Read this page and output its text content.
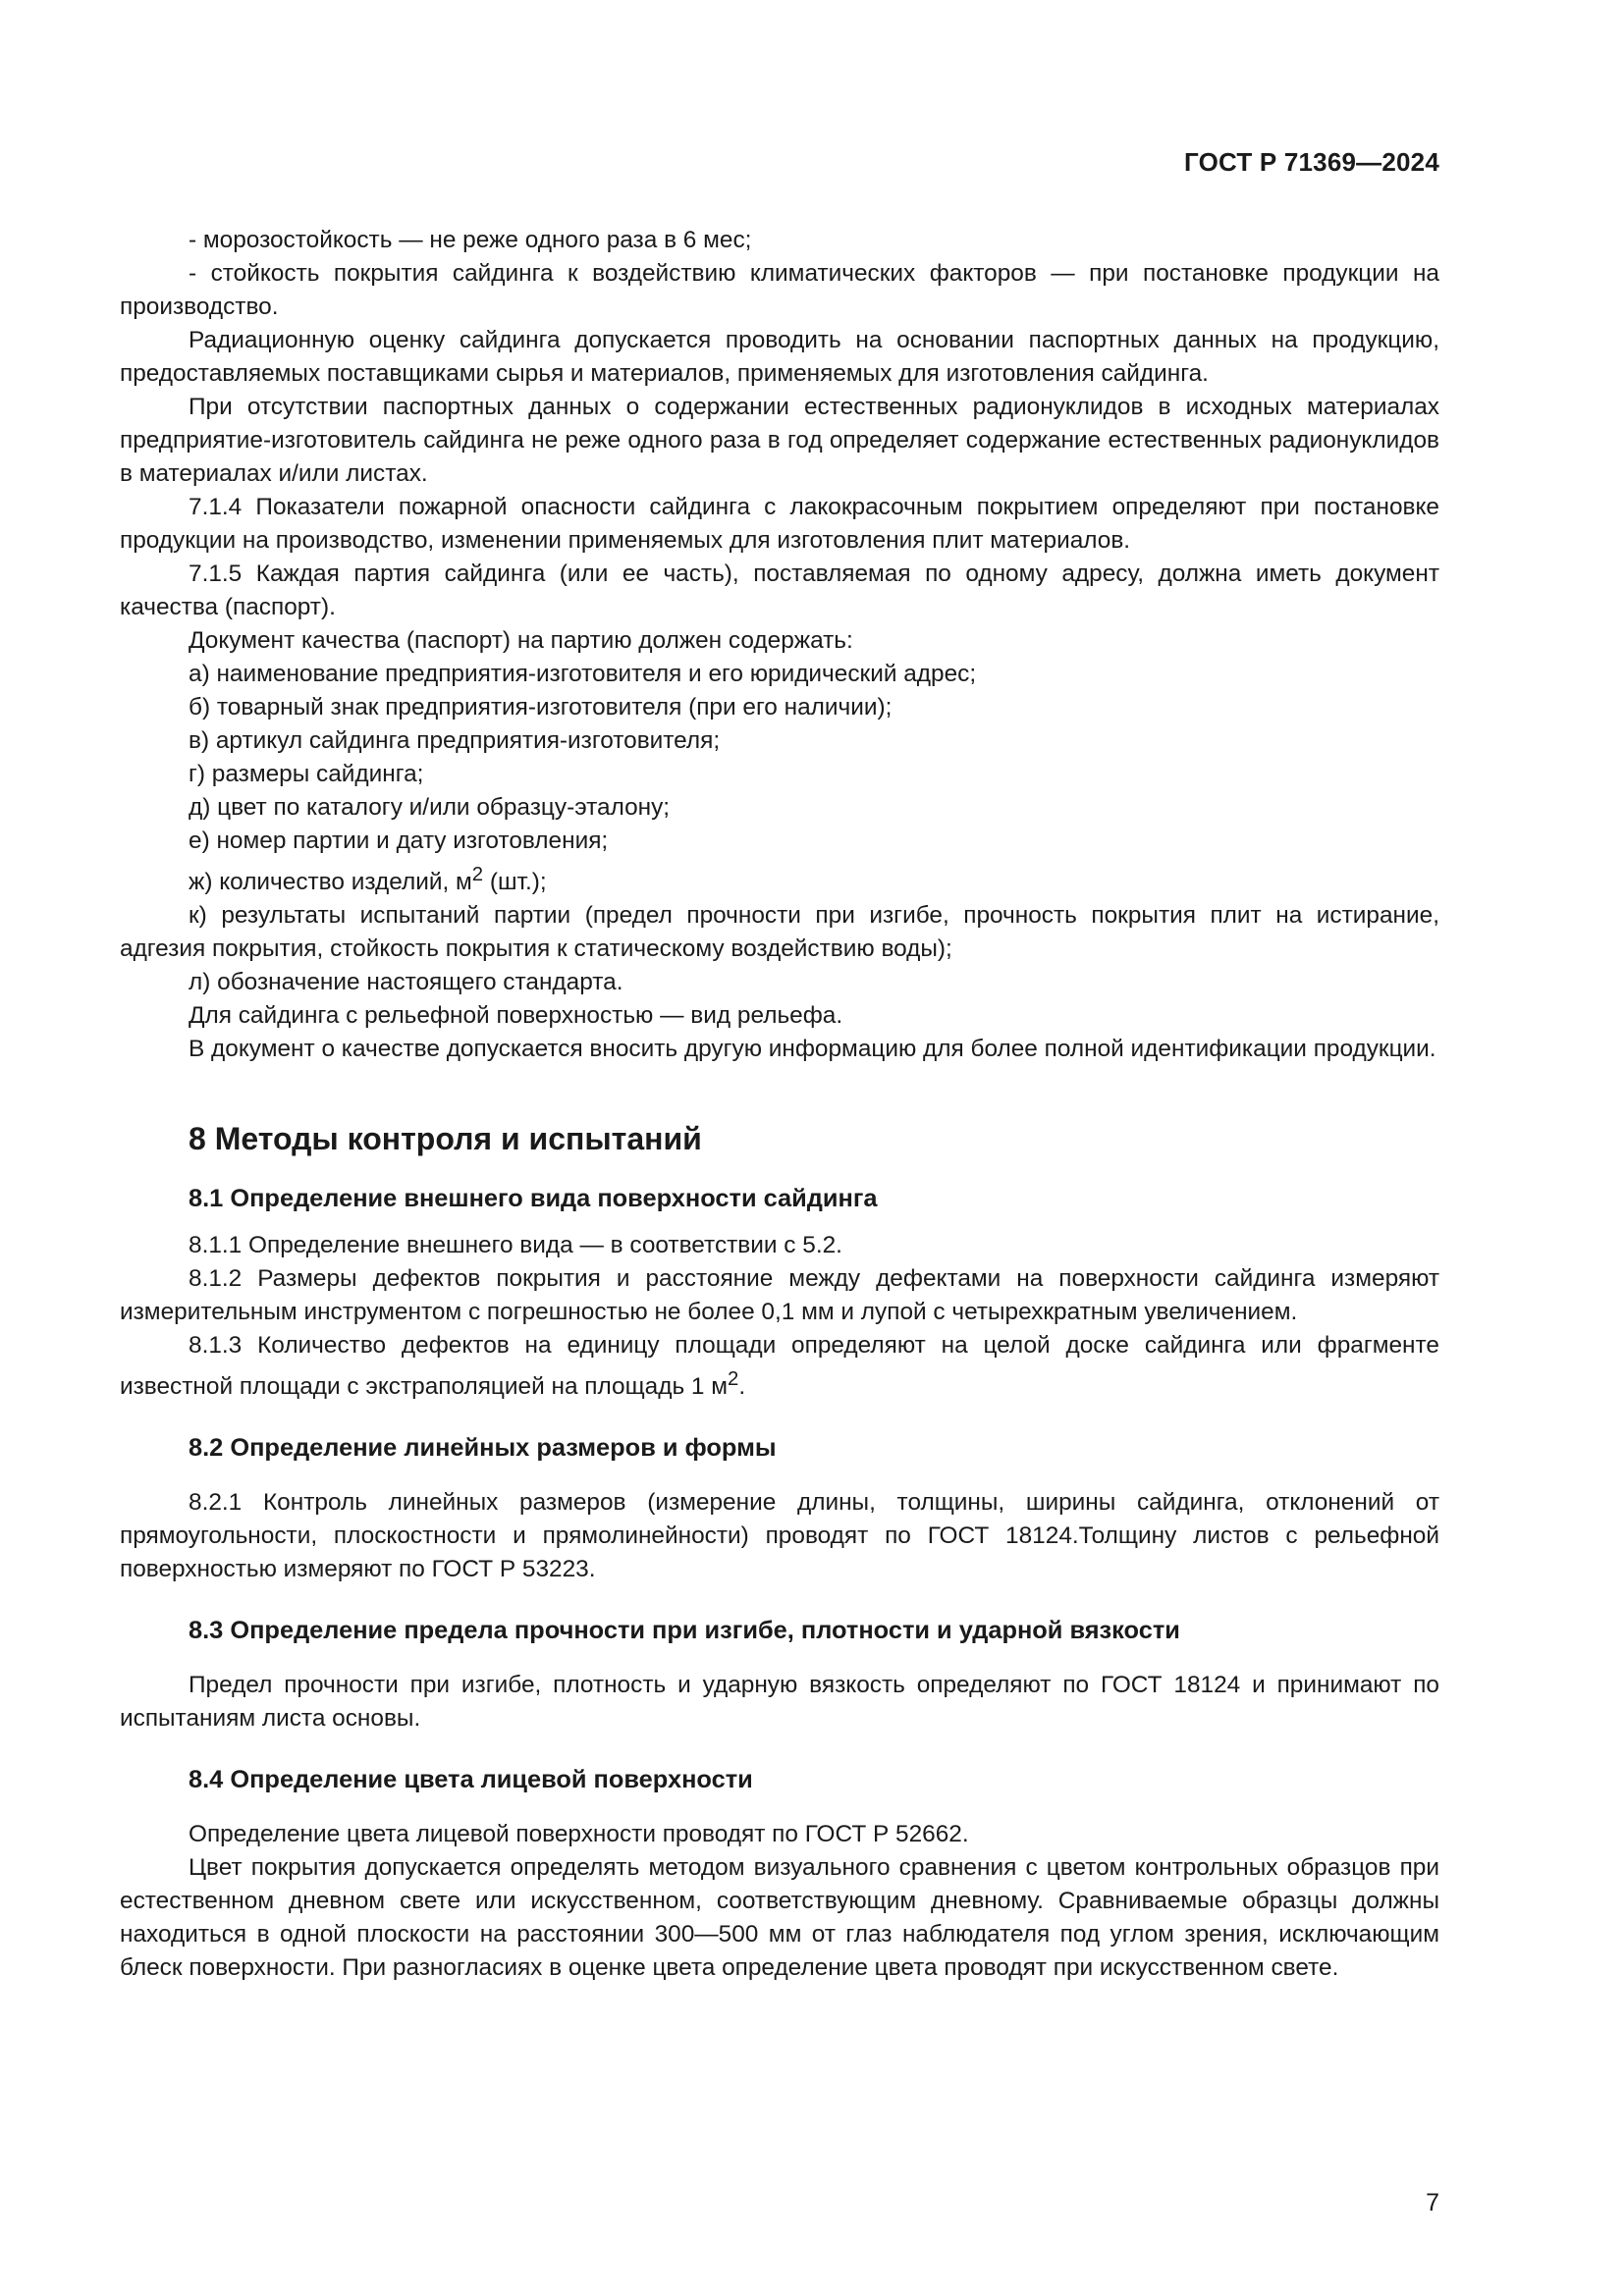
ГОСТ Р 71369—2024

- морозостойкость — не реже одного раза в 6 мес;

- стойкость покрытия сайдинга к воздействию климатических факторов — при постановке продукции на производство.

Радиационную оценку сайдинга допускается проводить на основании паспортных данных на продукцию, предоставляемых поставщиками сырья и материалов, применяемых для изготовления сайдинга.

При отсутствии паспортных данных о содержании естественных радионуклидов в исходных материалах предприятие-изготовитель сайдинга не реже одного раза в год определяет содержание естественных радионуклидов в материалах и/или листах.

7.1.4 Показатели пожарной опасности сайдинга с лакокрасочным покрытием определяют при постановке продукции на производство, изменении применяемых для изготовления плит материалов.

7.1.5 Каждая партия сайдинга (или ее часть), поставляемая по одному адресу, должна иметь документ качества (паспорт).

Документ качества (паспорт) на партию должен содержать:

а) наименование предприятия-изготовителя и его юридический адрес;

б) товарный знак предприятия-изготовителя (при его наличии);

в) артикул сайдинга предприятия-изготовителя;

г) размеры сайдинга;

д) цвет по каталогу и/или образцу-эталону;

е) номер партии и дату изготовления;

ж) количество изделий, $м^2$ (шт.);

к) результаты испытаний партии (предел прочности при изгибе, прочность покрытия плит на истирание, адгезия покрытия, стойкость покрытия к статическому воздействию воды);

л) обозначение настоящего стандарта.

Для сайдинга с рельефной поверхностью — вид рельефа.

В документ о качестве допускается вносить другую информацию для более полной идентификации продукции.

8 Методы контроля и испытаний
8.1 Определение внешнего вида поверхности сайдинга

8.1.1 Определение внешнего вида — в соответствии с 5.2.

8.1.2 Размеры дефектов покрытия и расстояние между дефектами на поверхности сайдинга измеряют измерительным инструментом с погрешностью не более 0,1 мм и лупой с четырехкратным увеличением.

8.1.3 Количество дефектов на единицу площади определяют на целой доске сайдинга или фрагменте известной площади с экстраполяцией на площадь 1 $м^2$.

8.2 Определение линейных размеров и формы

8.2.1 Контроль линейных размеров (измерение длины, толщины, ширины сайдинга, отклонений от прямоугольности, плоскостности и прямолинейности) проводят по ГОСТ 18124.Толщину листов с рельефной поверхностью измеряют по ГОСТ Р 53223.

8.3 Определение предела прочности при изгибе, плотности и ударной вязкости

Предел прочности при изгибе, плотность и ударную вязкость определяют по ГОСТ 18124 и принимают по испытаниям листа основы.

8.4 Определение цвета лицевой поверхности

Определение цвета лицевой поверхности проводят по ГОСТ Р 52662.

Цвет покрытия допускается определять методом визуального сравнения с цветом контрольных образцов при естественном дневном свете или искусственном, соответствующим дневному. Сравниваемые образцы должны находиться в одной плоскости на расстоянии 300—500 мм от глаз наблюдателя под углом зрения, исключающим блеск поверхности. При разногласиях в оценке цвета определение цвета проводят при искусственном свете.

7
